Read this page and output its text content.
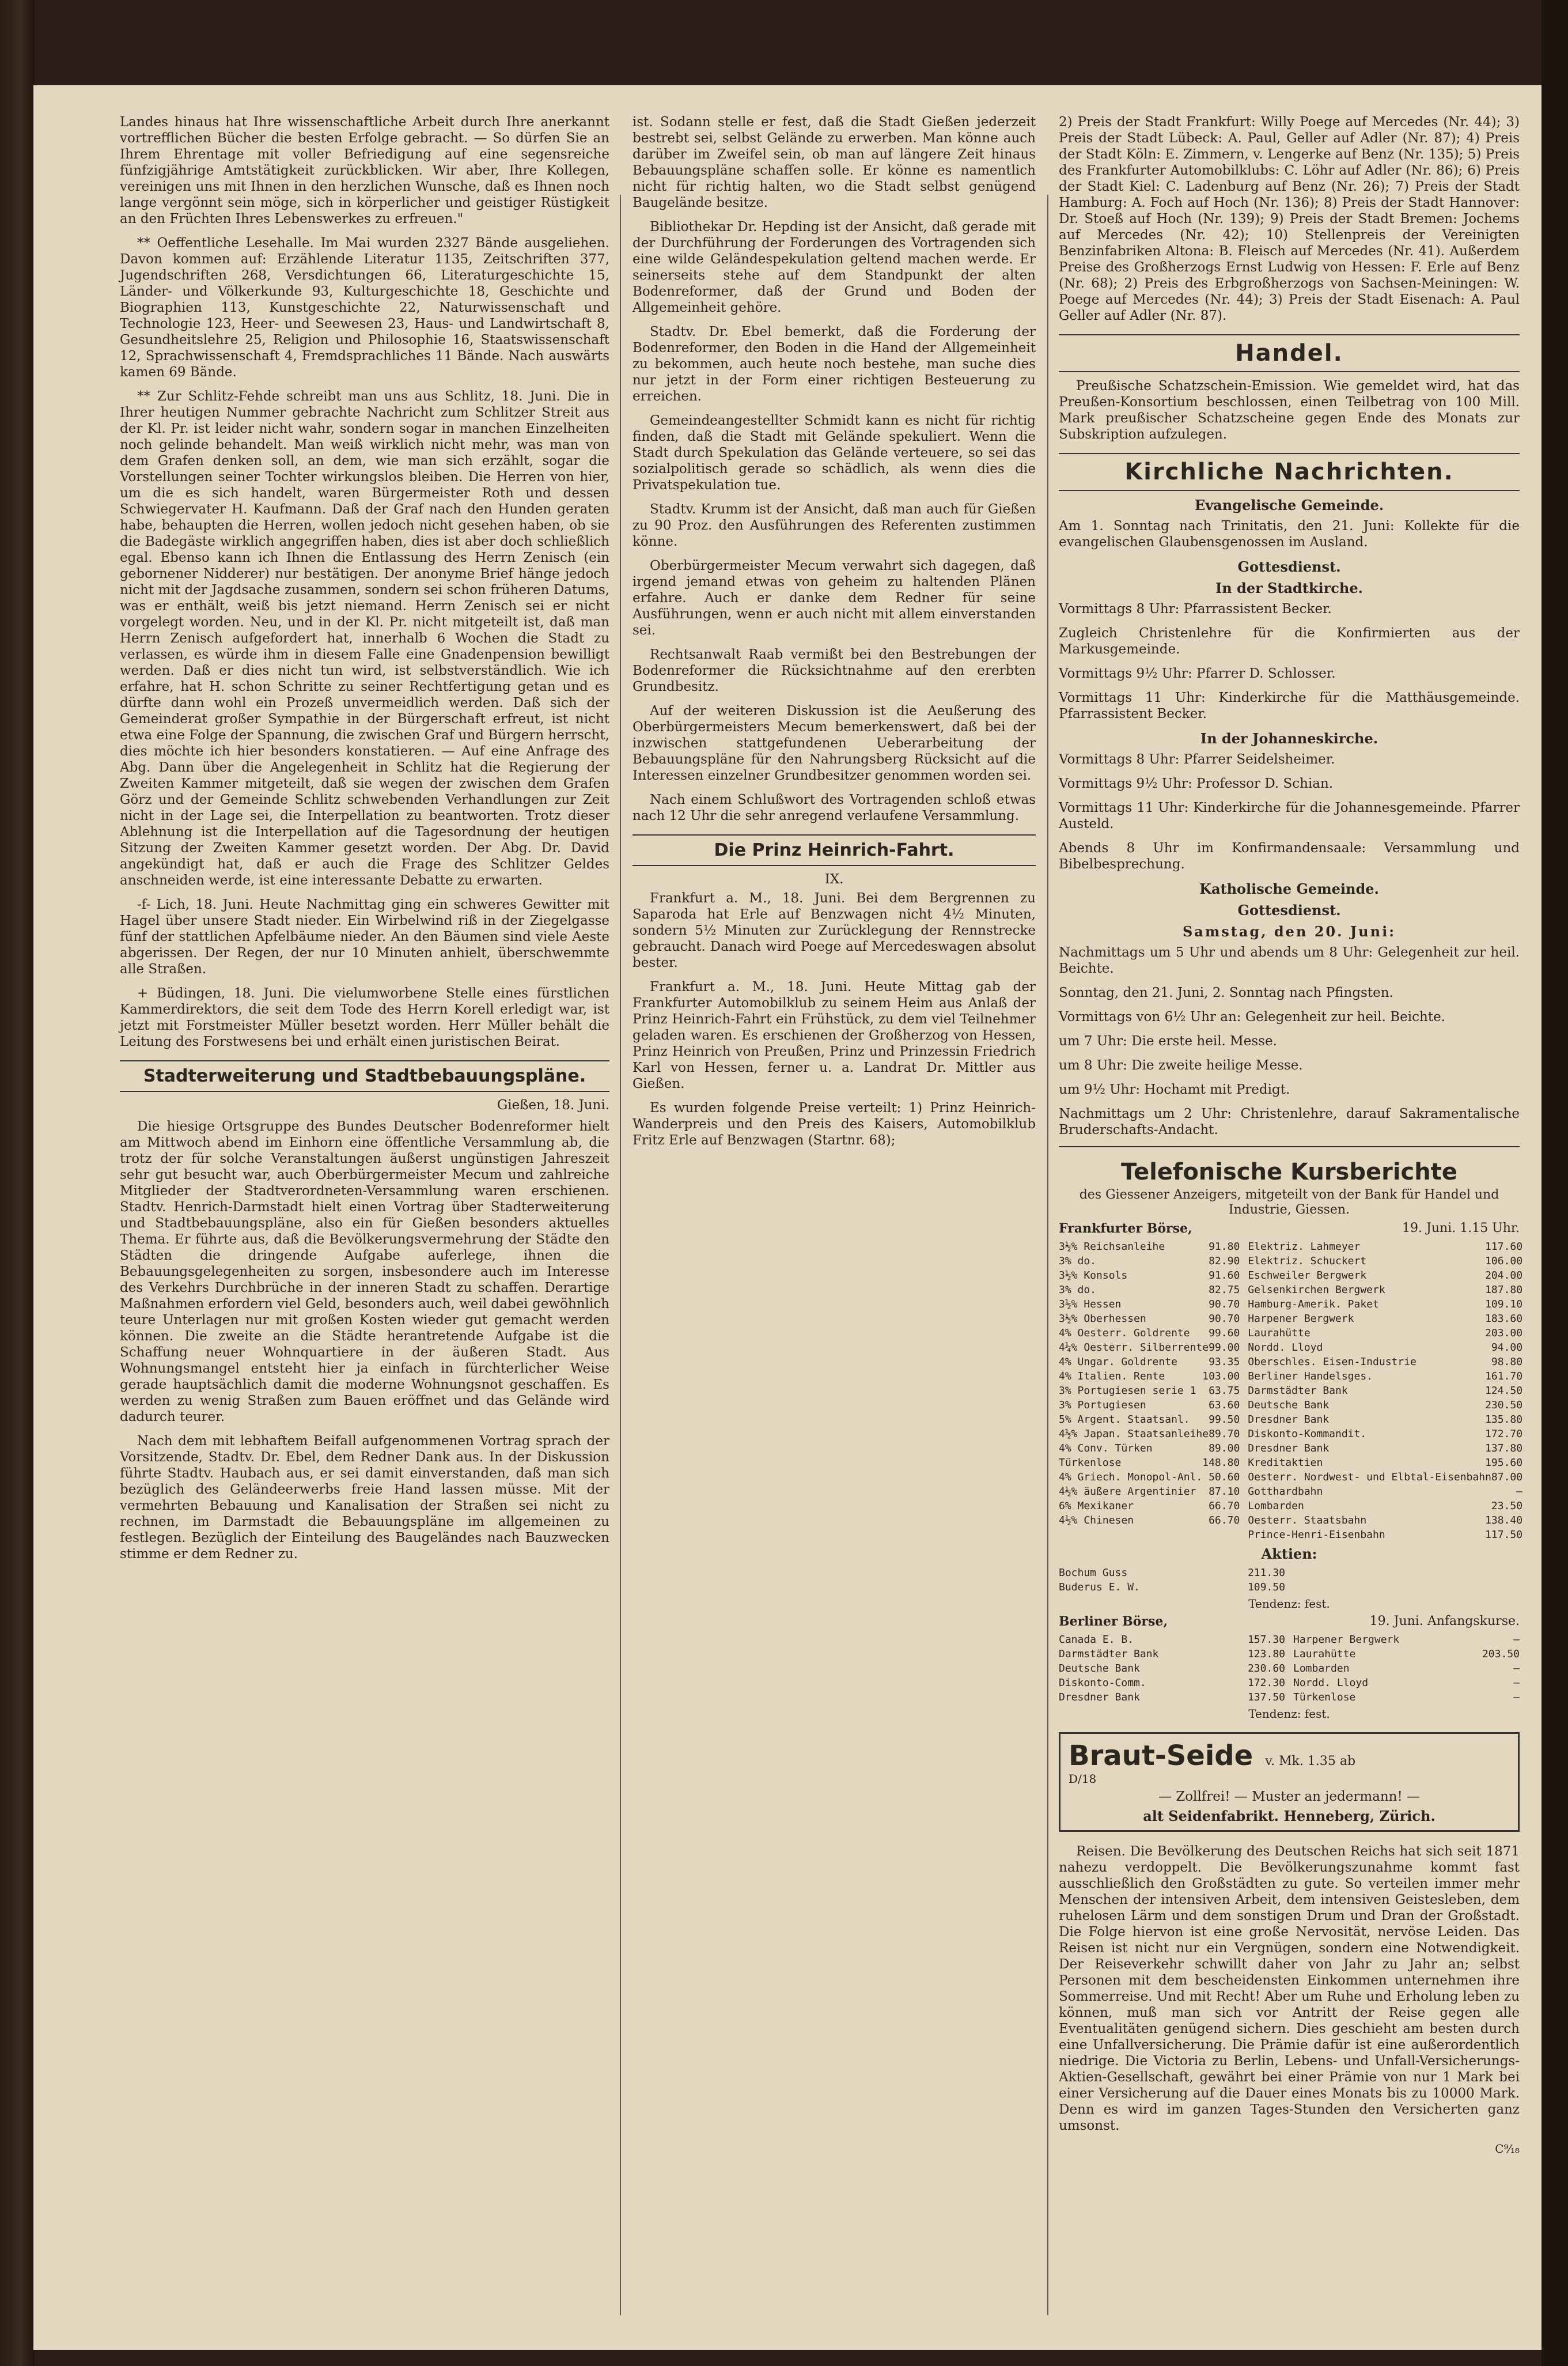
Landes hinaus hat Ihre wissenschaftliche Arbeit durch Ihre anerkannt vortrefflichen Bücher die besten Erfolge gebracht. — So dürfen Sie an Ihrem Ehrentage mit voller Befriedigung auf eine segensreiche fünfzigjährige Amtstätigkeit zurückblicken. Wir aber, Ihre Kollegen, vereinigen uns mit Ihnen in den herzlichen Wunsche, daß es Ihnen noch lange vergönnt sein möge, sich in körperlicher und geistiger Rüstigkeit an den Früchten Ihres Lebenswerkes zu erfreuen."

** Oeffentliche Lesehalle. Im Mai wurden 2327 Bände ausgeliehen. Davon kommen auf: Erzählende Literatur 1135, Zeitschriften 377, Jugendschriften 268, Versdichtungen 66, Literaturgeschichte 15, Länder- und Völkerkunde 93, Kulturgeschichte 18, Geschichte und Biographien 113, Kunstgeschichte 22, Naturwissenschaft und Technologie 123, Heer- und Seewesen 23, Haus- und Landwirtschaft 8, Gesundheitslehre 25, Religion und Philosophie 16, Staatswissenschaft 12, Sprachwissenschaft 4, Fremdsprachliches 11 Bände. Nach auswärts kamen 69 Bände.

** Zur Schlitz-Fehde schreibt man uns aus Schlitz, 18. Juni. Die in Ihrer heutigen Nummer gebrachte Nachricht zum Schlitzer Streit aus der Kl. Pr. ist leider nicht wahr, sondern sogar in manchen Einzelheiten noch gelinde behandelt. Man weiß wirklich nicht mehr, was man von dem Grafen denken soll, an dem, wie man sich erzählt, sogar die Vorstellungen seiner Tochter wirkungslos bleiben. Die Herren von hier, um die es sich handelt, waren Bürgermeister Roth und dessen Schwiegervater H. Kaufmann. Daß der Graf nach den Hunden geraten habe, behaupten die Herren, wollen jedoch nicht gesehen haben, ob sie die Badegäste wirklich angegriffen haben, dies ist aber doch schließlich egal. Ebenso kann ich Ihnen die Entlassung des Herrn Zenisch (ein gebornener Nidderer) nur bestätigen. Der anonyme Brief hänge jedoch nicht mit der Jagdsache zusammen, sondern sei schon früheren Datums, was er enthält, weiß bis jetzt niemand. Herrn Zenisch sei er nicht vorgelegt worden. Neu, und in der Kl. Pr. nicht mitgeteilt ist, daß man Herrn Zenisch aufgefordert hat, innerhalb 6 Wochen die Stadt zu verlassen, es würde ihm in diesem Falle eine Gnadenpension bewilligt werden. Daß er dies nicht tun wird, ist selbstverständlich. Wie ich erfahre, hat H. schon Schritte zu seiner Rechtfertigung getan und es dürfte dann wohl ein Prozeß unvermeidlich werden. Daß sich der Gemeinderat großer Sympathie in der Bürgerschaft erfreut, ist nicht etwa eine Folge der Spannung, die zwischen Graf und Bürgern herrscht, dies möchte ich hier besonders konstatieren. — Auf eine Anfrage des Abg. Dann über die Angelegenheit in Schlitz hat die Regierung der Zweiten Kammer mitgeteilt, daß sie wegen der zwischen dem Grafen Görz und der Gemeinde Schlitz schwebenden Verhandlungen zur Zeit nicht in der Lage sei, die Interpellation zu beantworten. Trotz dieser Ablehnung ist die Interpellation auf die Tagesordnung der heutigen Sitzung der Zweiten Kammer gesetzt worden. Der Abg. Dr. David angekündigt hat, daß er auch die Frage des Schlitzer Geldes anschneiden werde, ist eine interessante Debatte zu erwarten.

-f- Lich, 18. Juni. Heute Nachmittag ging ein schweres Gewitter mit Hagel über unsere Stadt nieder. Ein Wirbelwind riß in der Ziegelgasse fünf der stattlichen Apfelbäume nieder. An den Bäumen sind viele Aeste abgerissen. Der Regen, der nur 10 Minuten anhielt, überschwemmte alle Straßen.

+ Büdingen, 18. Juni. Die vielumworbene Stelle eines fürstlichen Kammerdirektors, die seit dem Tode des Herrn Korell erledigt war, ist jetzt mit Forstmeister Müller besetzt worden. Herr Müller behält die Leitung des Forstwesens bei und erhält einen juristischen Beirat.

Stadterweiterung und Stadtbebauungspläne.
Gießen, 18. Juni.

Die hiesige Ortsgruppe des Bundes Deutscher Bodenreformer hielt am Mittwoch abend im Einhorn eine öffentliche Versammlung ab, die trotz der für solche Veranstaltungen äußerst ungünstigen Jahreszeit sehr gut besucht war, auch Oberbürgermeister Mecum und zahlreiche Mitglieder der Stadtverordneten-Versammlung waren erschienen. Stadtv. Henrich-Darmstadt hielt einen Vortrag über Stadterweiterung und Stadtbebauungspläne, also ein für Gießen besonders aktuelles Thema. Er führte aus, daß die Bevölkerungsvermehrung der Städte den Städten die dringende Aufgabe auferlege, ihnen die Bebauungsgelegenheiten zu sorgen, insbesondere auch im Interesse des Verkehrs Durchbrüche in der inneren Stadt zu schaffen. Derartige Maßnahmen erfordern viel Geld, besonders auch, weil dabei gewöhnlich teure Unterlagen nur mit großen Kosten wieder gut gemacht werden können. Die zweite an die Städte herantretende Aufgabe ist die Schaffung neuer Wohnquartiere in der äußeren Stadt. Aus Wohnungsmangel entsteht hier ja einfach in fürchterlicher Weise gerade hauptsächlich damit die moderne Wohnungsnot geschaffen. Es werden zu wenig Straßen zum Bauen eröffnet und das Gelände wird dadurch teurer.

Nach dem mit lebhaftem Beifall aufgenommenen Vortrag sprach der Vorsitzende, Stadtv. Dr. Ebel, dem Redner Dank aus. In der Diskussion führte Stadtv. Haubach aus, er sei damit einverstanden, daß man sich bezüglich des Geländeerwerbs freie Hand lassen müsse. Mit der vermehrten Bebauung und Kanalisation der Straßen sei nicht zu rechnen, im Darmstadt die Bebauungspläne im allgemeinen zu festlegen. Bezüglich der Einteilung des Baugeländes nach Bauzwecken stimme er dem Redner zu.

ist. Sodann stelle er fest, daß die Stadt Gießen jederzeit bestrebt sei, selbst Gelände zu erwerben. Man könne auch darüber im Zweifel sein, ob man auf längere Zeit hinaus Bebauungspläne schaffen solle. Er könne es namentlich nicht für richtig halten, wo die Stadt selbst genügend Baugelände besitze.

Bibliothekar Dr. Hepding ist der Ansicht, daß gerade mit der Durchführung der Forderungen des Vortragenden sich eine wilde Geländespekulation geltend machen werde. Er seinerseits stehe auf dem Standpunkt der alten Bodenreformer, daß der Grund und Boden der Allgemeinheit gehöre.

Stadtv. Dr. Ebel bemerkt, daß die Forderung der Bodenreformer, den Boden in die Hand der Allgemeinheit zu bekommen, auch heute noch bestehe, man suche dies nur jetzt in der Form einer richtigen Besteuerung zu erreichen.

Gemeindeangestellter Schmidt kann es nicht für richtig finden, daß die Stadt mit Gelände spekuliert. Wenn die Stadt durch Spekulation das Gelände verteuere, so sei das sozialpolitisch gerade so schädlich, als wenn dies die Privatspekulation tue.

Stadtv. Krumm ist der Ansicht, daß man auch für Gießen zu 90 Proz. den Ausführungen des Referenten zustimmen könne.

Oberbürgermeister Mecum verwahrt sich dagegen, daß irgend jemand etwas von geheim zu haltenden Plänen erfahre. Auch er danke dem Redner für seine Ausführungen, wenn er auch nicht mit allem einverstanden sei.

Rechtsanwalt Raab vermißt bei den Bestrebungen der Bodenreformer die Rücksichtnahme auf den ererbten Grundbesitz.

Auf der weiteren Diskussion ist die Aeußerung des Oberbürgermeisters Mecum bemerkenswert, daß bei der inzwischen stattgefundenen Ueberarbeitung der Bebauungspläne für den Nahrungsberg Rücksicht auf die Interessen einzelner Grundbesitzer genommen worden sei.

Nach einem Schlußwort des Vortragenden schloß etwas nach 12 Uhr die sehr anregend verlaufene Versammlung.

Die Prinz Heinrich-Fahrt.
IX.

Frankfurt a. M., 18. Juni. Bei dem Bergrennen zu Saparoda hat Erle auf Benzwagen nicht 4½ Minuten, sondern 5½ Minuten zur Zurücklegung der Rennstrecke gebraucht. Danach wird Poege auf Mercedeswagen absolut bester.

Frankfurt a. M., 18. Juni. Heute Mittag gab der Frankfurter Automobilklub zu seinem Heim aus Anlaß der Prinz Heinrich-Fahrt ein Frühstück, zu dem viel Teilnehmer geladen waren. Es erschienen der Großherzog von Hessen, Prinz Heinrich von Preußen, Prinz und Prinzessin Friedrich Karl von Hessen, ferner u. a. Landrat Dr. Mittler aus Gießen.

Es wurden folgende Preise verteilt: 1) Prinz Heinrich-Wanderpreis und den Preis des Kaisers, Automobilklub Fritz Erle auf Benzwagen (Startnr. 68);

2) Preis der Stadt Frankfurt: Willy Poege auf Mercedes (Nr. 44); 3) Preis der Stadt Lübeck: A. Paul, Geller auf Adler (Nr. 87); 4) Preis der Stadt Köln: E. Zimmern, v. Lengerke auf Benz (Nr. 135); 5) Preis des Frankfurter Automobilklubs: C. Löhr auf Adler (Nr. 86); 6) Preis der Stadt Kiel: C. Ladenburg auf Benz (Nr. 26); 7) Preis der Stadt Hamburg: A. Foch auf Hoch (Nr. 136); 8) Preis der Stadt Hannover: Dr. Stoeß auf Hoch (Nr. 139); 9) Preis der Stadt Bremen: Jochems auf Mercedes (Nr. 42); 10) Stellenpreis der Vereinigten Benzinfabriken Altona: B. Fleisch auf Mercedes (Nr. 41). Außerdem Preise des Großherzogs Ernst Ludwig von Hessen: F. Erle auf Benz (Nr. 68); 2) Preis des Erbgroßherzogs von Sachsen-Meiningen: W. Poege auf Mercedes (Nr. 44); 3) Preis der Stadt Eisenach: A. Paul Geller auf Adler (Nr. 87).

Handel.

Preußische Schatzschein-Emission. Wie gemeldet wird, hat das Preußen-Konsortium beschlossen, einen Teilbetrag von 100 Mill. Mark preußischer Schatzscheine gegen Ende des Monats zur Subskription aufzulegen.

Kirchliche Nachrichten.
Evangelische Gemeinde.
Am 1. Sonntag nach Trinitatis, den 21. Juni: Kollekte für die evangelischen Glaubensgenossen im Ausland.
Gottesdienst.
In der Stadtkirche.
Vormittags 8 Uhr: Pfarrassistent Becker.
Zugleich Christenlehre für die Konfirmierten aus der Markusgemeinde.
Vormittags 9½ Uhr: Pfarrer D. Schlosser.
Vormittags 11 Uhr: Kinderkirche für die Matthäusgemeinde. Pfarrassistent Becker.
In der Johanneskirche.
Vormittags 8 Uhr: Pfarrer Seidelsheimer.
Vormittags 9½ Uhr: Professor D. Schian.
Vormittags 11 Uhr: Kinderkirche für die Johannesgemeinde. Pfarrer Austeld.
Abends 8 Uhr im Konfirmandensaale: Versammlung und Bibelbesprechung.
Katholische Gemeinde.
Gottesdienst.
Samstag, den 20. Juni:
Nachmittags um 5 Uhr und abends um 8 Uhr: Gelegenheit zur heil. Beichte.
Sonntag, den 21. Juni, 2. Sonntag nach Pfingsten.
Vormittags von 6½ Uhr an: Gelegenheit zur heil. Beichte.
um 7 Uhr: Die erste heil. Messe.
um 8 Uhr: Die zweite heilige Messe.
um 9½ Uhr: Hochamt mit Predigt.
Nachmittags um 2 Uhr: Christenlehre, darauf Sakramentalische Bruderschafts-Andacht.
Telefonische Kursberichte
des Giessener Anzeigers, mitgeteilt von der Bank für Handel und Industrie, Giessen.
Frankfurter Börse,	19. Juni. 1.15 Uhr.
3½% Reichsanleihe	91.80
3% do.	82.90
3½% Konsols	91.60
3% do.	82.75
3½% Hessen	90.70
3½% Oberhessen	90.70
4% Oesterr. Goldrente 99.60
4¼% Oesterr. Silberrente 99.00
4% Ungar. Goldrente	93.35
4% Italien. Rente	103.00
3% Portugiesen serie 1 63.75
3% Portugiesen	63.60
5% Argent. Staatsanl. 99.50
4½% Japan. Staatsanleihe 89.70
4% Conv. Türken	89.00
Türkenlose	148.80
4% Griech. Monopol-Anl. 50.60
4½% äußere Argentinier 87.10
6% Mexikaner	66.70
4½% Chinesen	66.70
Elektriz. Lahmeyer	117.60
Elektriz. Schuckert	106.00
Eschweiler Bergwerk	204.00
Gelsenkirchen Bergwerk	187.80
Hamburg-Amerik. Paket	109.10
Harpener Bergwerk	183.60
Laurahütte	203.00
Nordd. Lloyd	94.00
Oberschles. Eisen-Industrie	98.80
Berliner Handelsges.	161.70
Darmstädter Bank	124.50
Deutsche Bank	230.50
Dresdner Bank	135.80
Diskonto-Kommandit.	172.70
Dresdner Bank	137.80
Kreditaktien	195.60
Oesterr. Nordwest- und Elbtal-Eisenbahn 87.00
Gotthardbahn	—
Lombarden	23.50
Oesterr. Staatsbahn	138.40
Prince-Henri-Eisenbahn	117.50
Aktien:
Bochum Guss	211.30
Buderus E. W.	109.50
Tendenz: fest.
Berliner Börse,	19. Juni. Anfangskurse.
Canada E. B.	157.30
Darmstädter Bank	123.80
Deutsche Bank	230.60
Diskonto-Comm.	172.30
Dresdner Bank	137.50
Harpener Bergwerk	—
Laurahütte	203.50
Lombarden	—
Nordd. Lloyd	—
Türkenlose	—
Tendenz: fest.
Braut-Seide v. Mk. 1.35 ab
D/18
— Zollfrei! — Muster an jedermann! —
alt Seidenfabrikt. Henneberg, Zürich.

Reisen. Die Bevölkerung des Deutschen Reichs hat sich seit 1871 nahezu verdoppelt. Die Bevölkerungszunahme kommt fast ausschließlich den Großstädten zu gute. So verteilen immer mehr Menschen der intensiven Arbeit, dem intensiven Geistesleben, dem ruhelosen Lärm und dem sonstigen Drum und Dran der Großstadt. Die Folge hiervon ist eine große Nervosität, nervöse Leiden. Das Reisen ist nicht nur ein Vergnügen, sondern eine Notwendigkeit. Der Reiseverkehr schwillt daher von Jahr zu Jahr an; selbst Personen mit dem bescheidensten Einkommen unternehmen ihre Sommerreise. Und mit Recht! Aber um Ruhe und Erholung leben zu können, muß man sich vor Antritt der Reise gegen alle Eventualitäten genügend sichern. Dies geschieht am besten durch eine Unfallversicherung. Die Prämie dafür ist eine außerordentlich niedrige. Die Victoria zu Berlin, Lebens- und Unfall-Versicherungs-Aktien-Gesellschaft, gewährt bei einer Prämie von nur 1 Mark bei einer Versicherung auf die Dauer eines Monats bis zu 10000 Mark. Denn es wird im ganzen Tages-Stunden den Versicherten ganz umsonst.

C⁹⁄₁₈
